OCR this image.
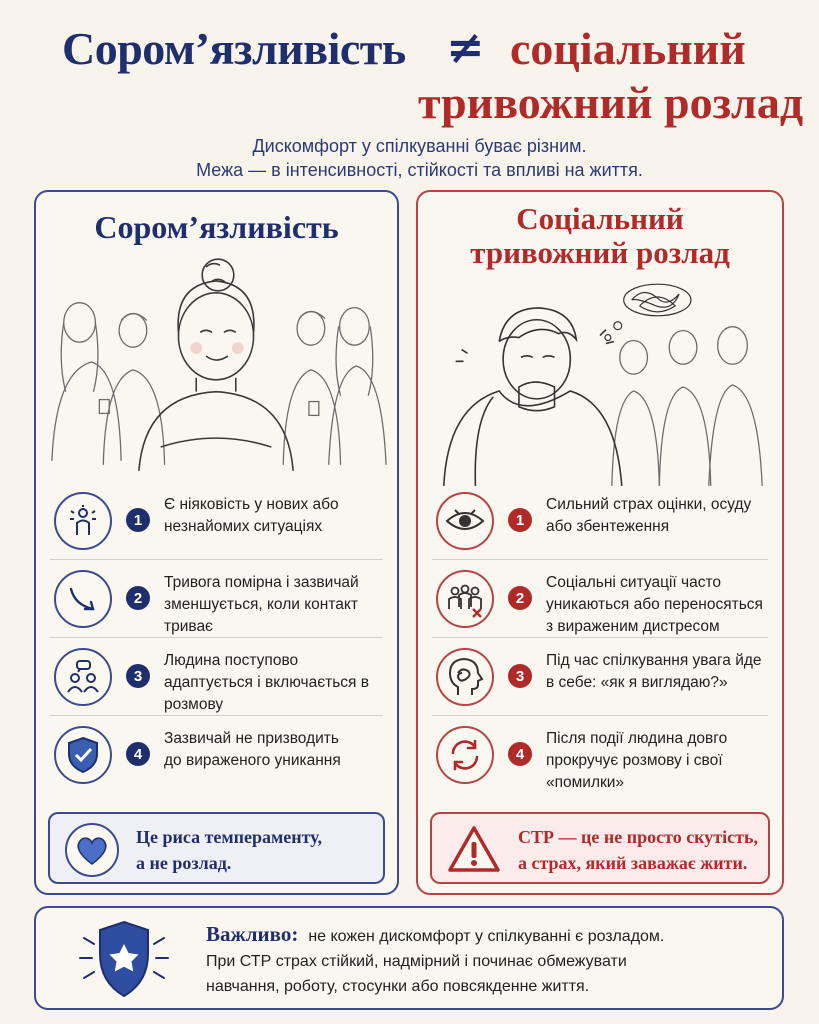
Сором’язливість ≠ соціальний
тривожний розлад
Дискомфорт у спілкуванні буває різним.
Межа — в інтенсивності, стійкості та впливі на життя.
Сором’язливість
1
Є ніяковість у нових або незнайомих ситуаціях
2
Тривога помірна і зазвичай зменшується, коли контакт триває
3
Людина поступово адаптується і включається в розмову
4
Зазвичай не призводить до вираженого уникання
Це риса темпераменту,
а не розлад.
Соціальний
тривожний розлад
1
Сильний страх оцінки, осуду або збентеження
2
Соціальні ситуації часто уникаються або переносяться з вираженим дистресом
3
Під час спілкування увага йде в себе: «як я виглядаю?»
4
Після події людина довго прокручує розмову і свої «помилки»
СТР — це не просто скутість,
а страх, який заважає жити.
Важливо: не кожен дискомфорт у спілкуванні є розладом.
При СТР страх стійкий, надмірний і починає обмежувати
навчання, роботу, стосунки або повсякденне життя.
